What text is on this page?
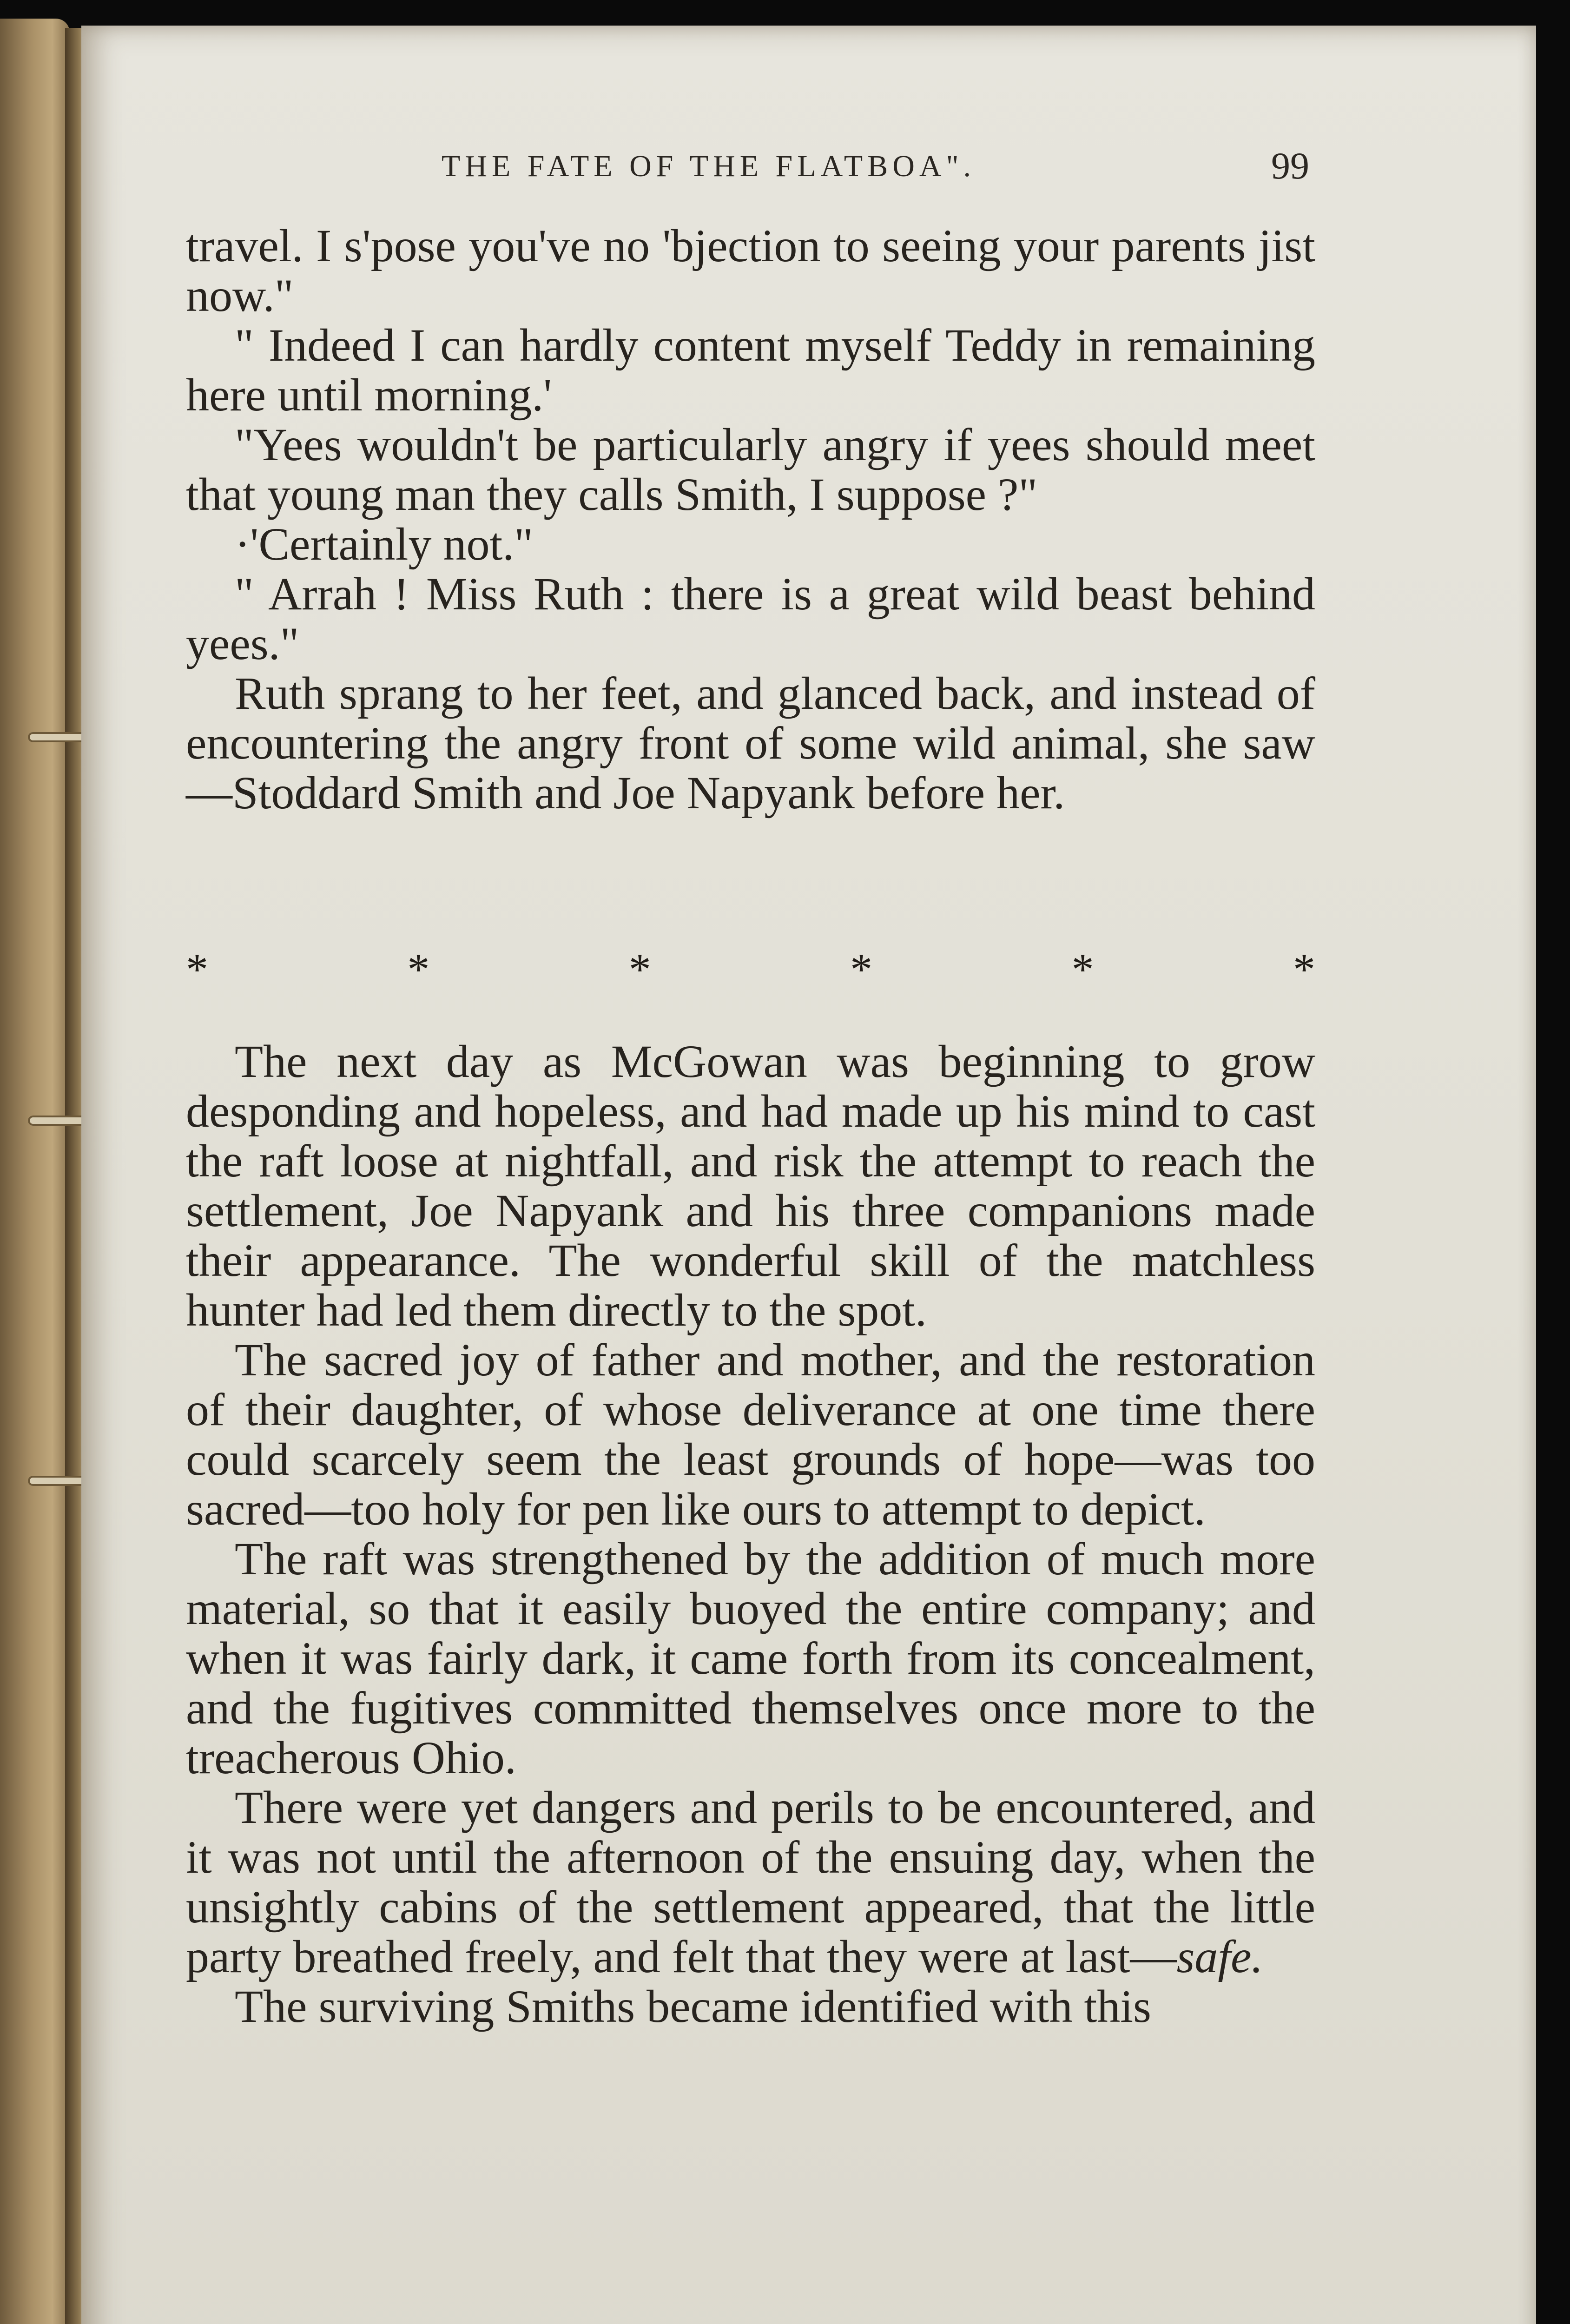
THE FATE OF THE FLATBOA".	99

travel. I s'pose you've no 'bjection to seeing your parents jist now."

" Indeed I can hardly content myself Teddy in remaining here until morning.'

"Yees wouldn't be particularly angry if yees should meet that young man they calls Smith, I suppose ?"

·'Certainly not."

" Arrah ! Miss Ruth : there is a great wild beast behind yees."

Ruth sprang to her feet, and glanced back, and instead of encountering the angry front of some wild animal, she saw—Stoddard Smith and Joe Napyank before her.

*	*	*	*	*	*

The next day as McGowan was beginning to grow desponding and hopeless, and had made up his mind to cast the raft loose at nightfall, and risk the attempt to reach the settlement, Joe Napyank and his three companions made their appearance. The wonderful skill of the matchless hunter had led them directly to the spot.

The sacred joy of father and mother, and the restoration of their daughter, of whose deliverance at one time there could scarcely seem the least grounds of hope—was too sacred—too holy for pen like ours to attempt to depict.

The raft was strengthened by the addition of much more material, so that it easily buoyed the entire company; and when it was fairly dark, it came forth from its concealment, and the fugitives committed themselves once more to the treacherous Ohio.

There were yet dangers and perils to be encountered, and it was not until the afternoon of the ensuing day, when the unsightly cabins of the settlement appeared, that the little party breathed freely, and felt that they were at last—safe.

The surviving Smiths became identified with this
